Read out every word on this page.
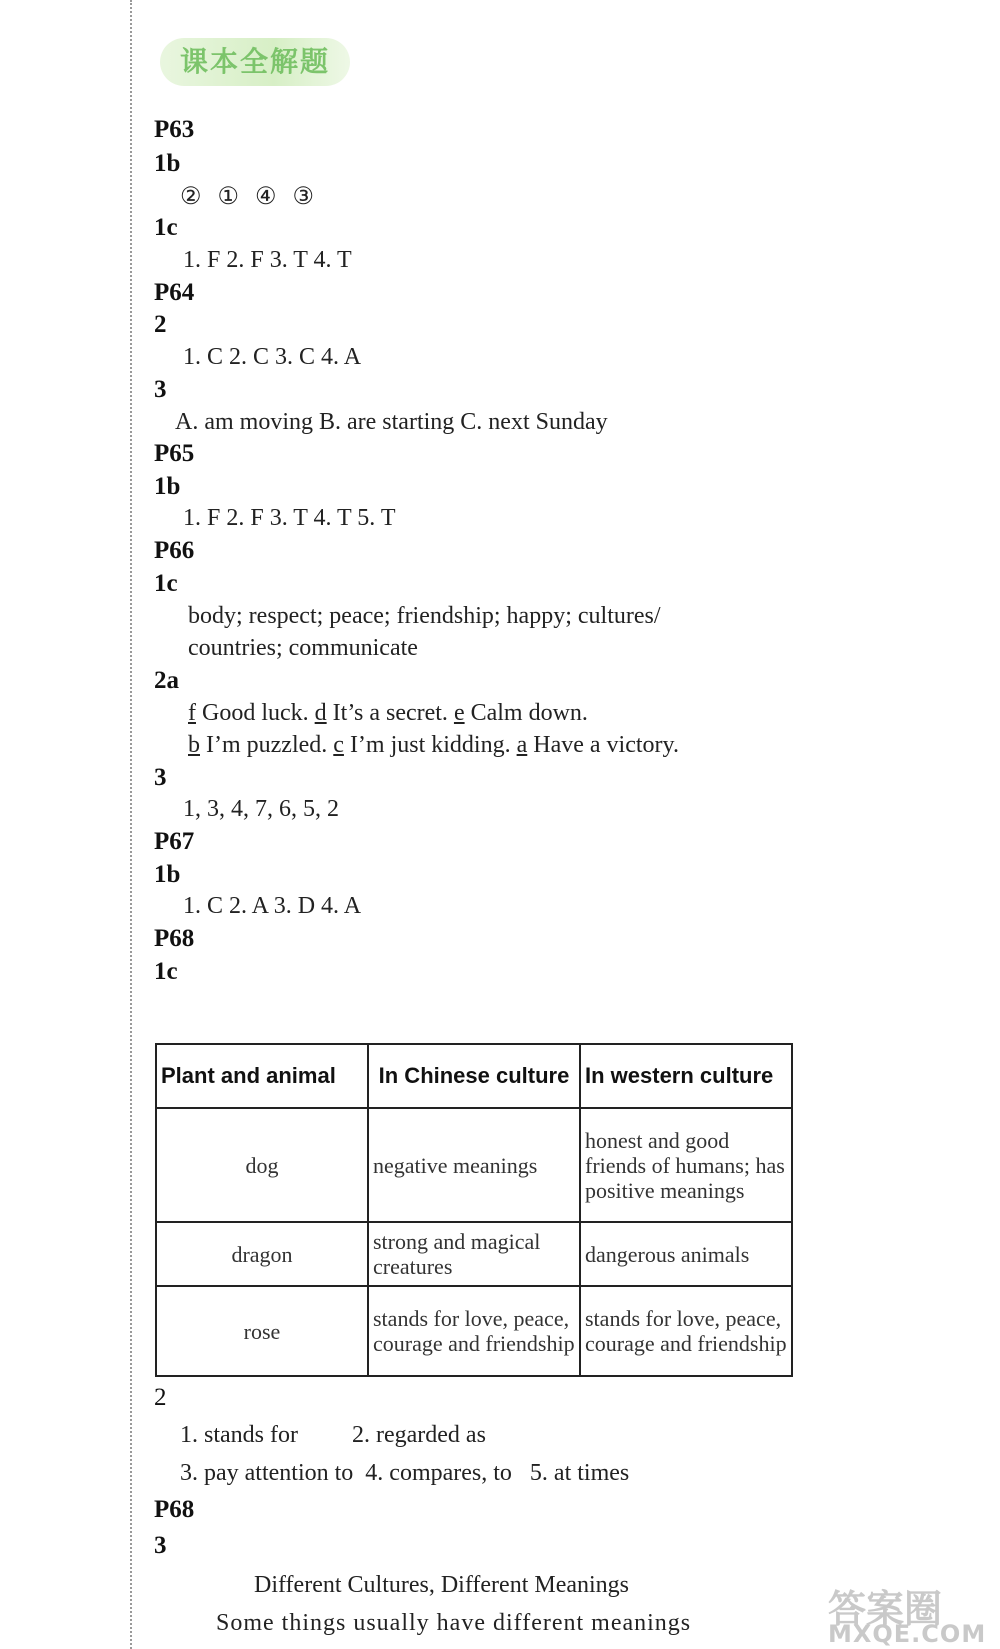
课本全解题
P63
1b
② ① ④ ③
1c
1. F 2. F 3. T 4. T
P64
2
1. C 2. C 3. C 4. A
3
A. am moving B. are starting C. next Sunday
P65
1b
1. F 2. F 3. T 4. T 5. T
P66
1c
body; respect; peace; friendship; happy; cultures/
countries; communicate
2a
f Good luck. d It’s a secret. e Calm down.
b I’m puzzled. c I’m just kidding. a Have a victory.
3
1, 3, 4, 7, 6, 5, 2
P67
1b
1. C 2. A 3. D 4. A
P68
1c
Plant and animal	In Chinese culture	In western culture
dog	negative meanings	honest and good friends of humans; has positive meanings
dragon	strong and magical creatures	dangerous animals
rose	stands for love, peace, courage and friendship	stands for love, peace, courage and friendship
2
1. stands for         2. regarded as
3. pay attention to  4. compares, to   5. at times
P68
3
Different Cultures, Different Meanings
Some things usually have different meanings	答案圈
MXQE.COM
